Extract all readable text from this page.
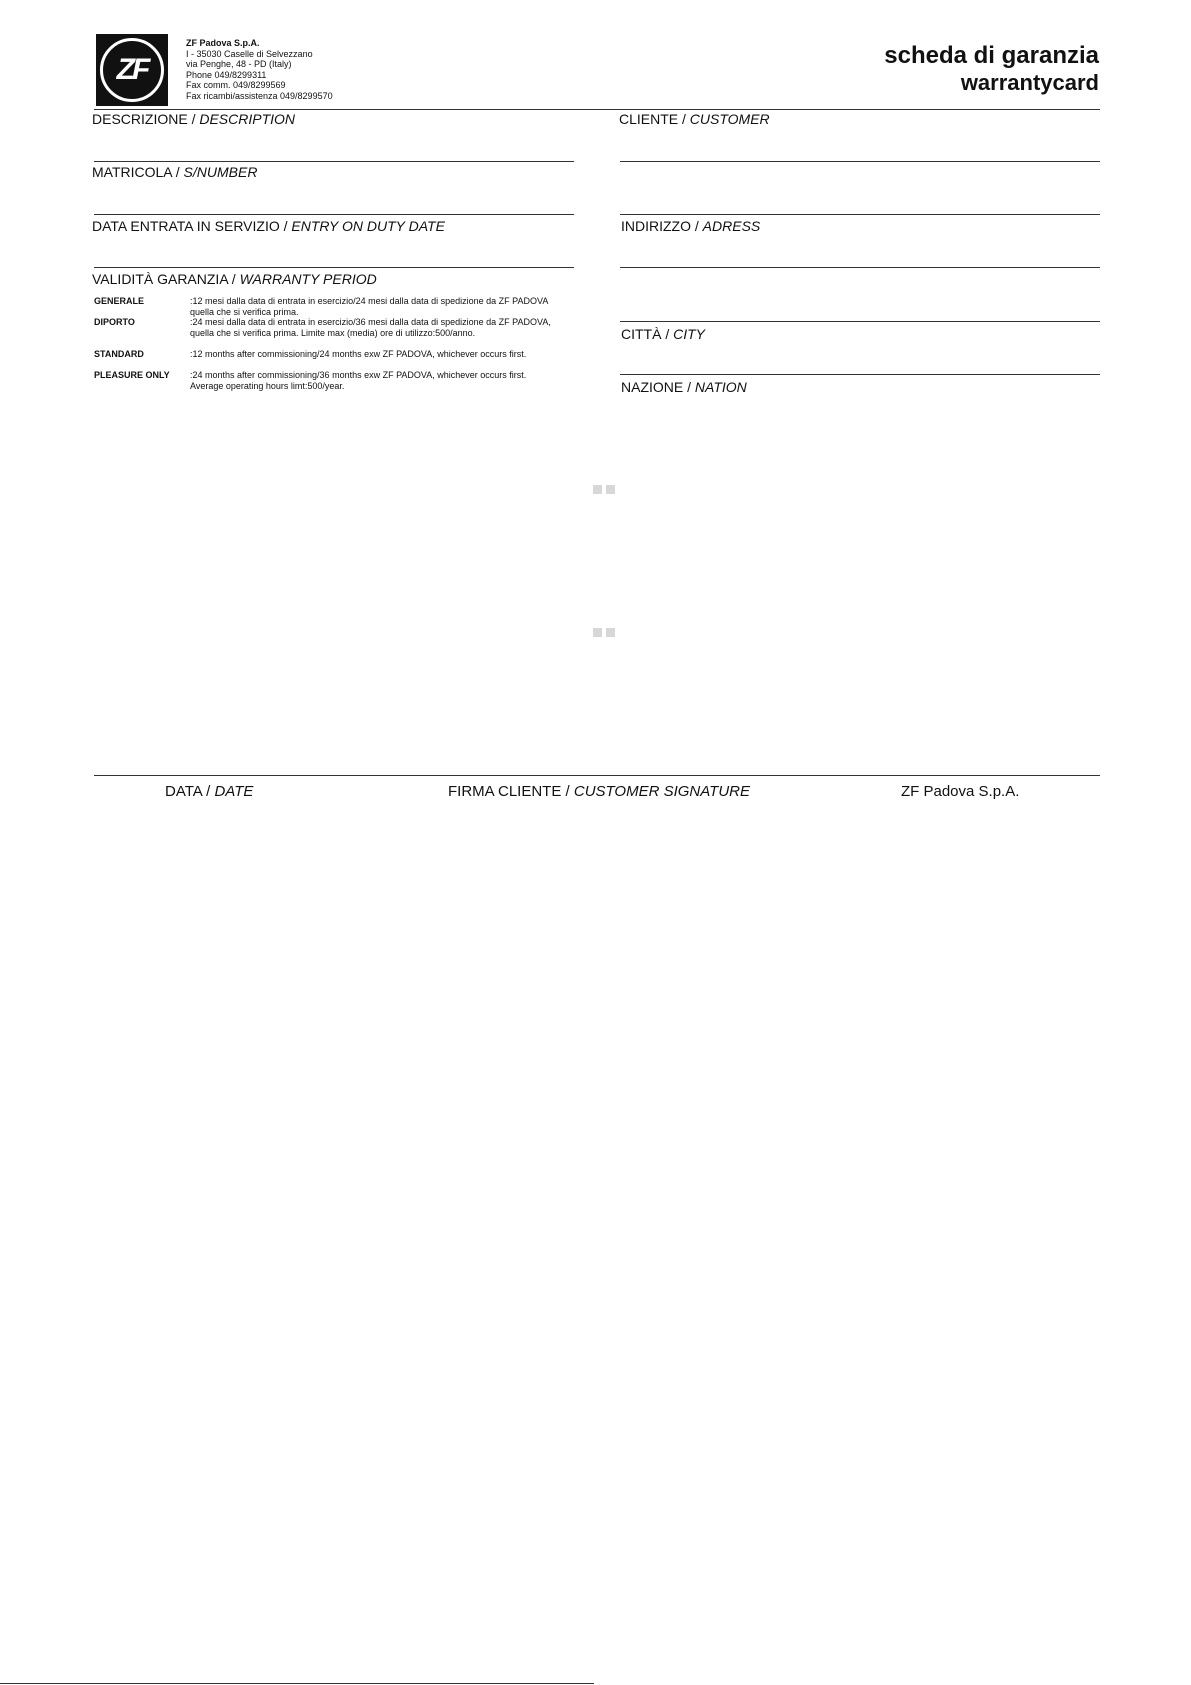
ZF
ZF Padova S.p.A.
I - 35030 Caselle di Selvezzano
via Penghe, 48 - PD (Italy)
Phone 049/8299311
Fax comm. 049/8299569
Fax ricambi/assistenza 049/8299570
scheda di garanzia
warrantycard
DESCRIZIONE / DESCRIPTION
MATRICOLA / S/NUMBER
DATA ENTRATA IN SERVIZIO / ENTRY ON DUTY DATE
VALIDITÀ GARANZIA / WARRANTY PERIOD
GENERALE	:12 mesi dalla data di entrata in esercizio/24 mesi dalla data di spedizione da ZF PADOVA
quella che si verifica prima.
DIPORTO	:24 mesi dalla data di entrata in esercizio/36 mesi dalla data di spedizione da ZF PADOVA,
quella che si verifica prima. Limite max (media) ore di utilizzo:500/anno.
STANDARD	:12 months after commissioning/24 months exw ZF PADOVA, whichever occurs first.
PLEASURE ONLY :24 months after commissioning/36 months exw ZF PADOVA, whichever occurs first.
Average operating hours limt:500/year.
CLIENTE / CUSTOMER
INDIRIZZO / ADRESS
CITTÀ / CITY
NAZIONE / NATION
DATA / DATE	FIRMA CLIENTE / CUSTOMER SIGNATURE	ZF Padova S.p.A.
